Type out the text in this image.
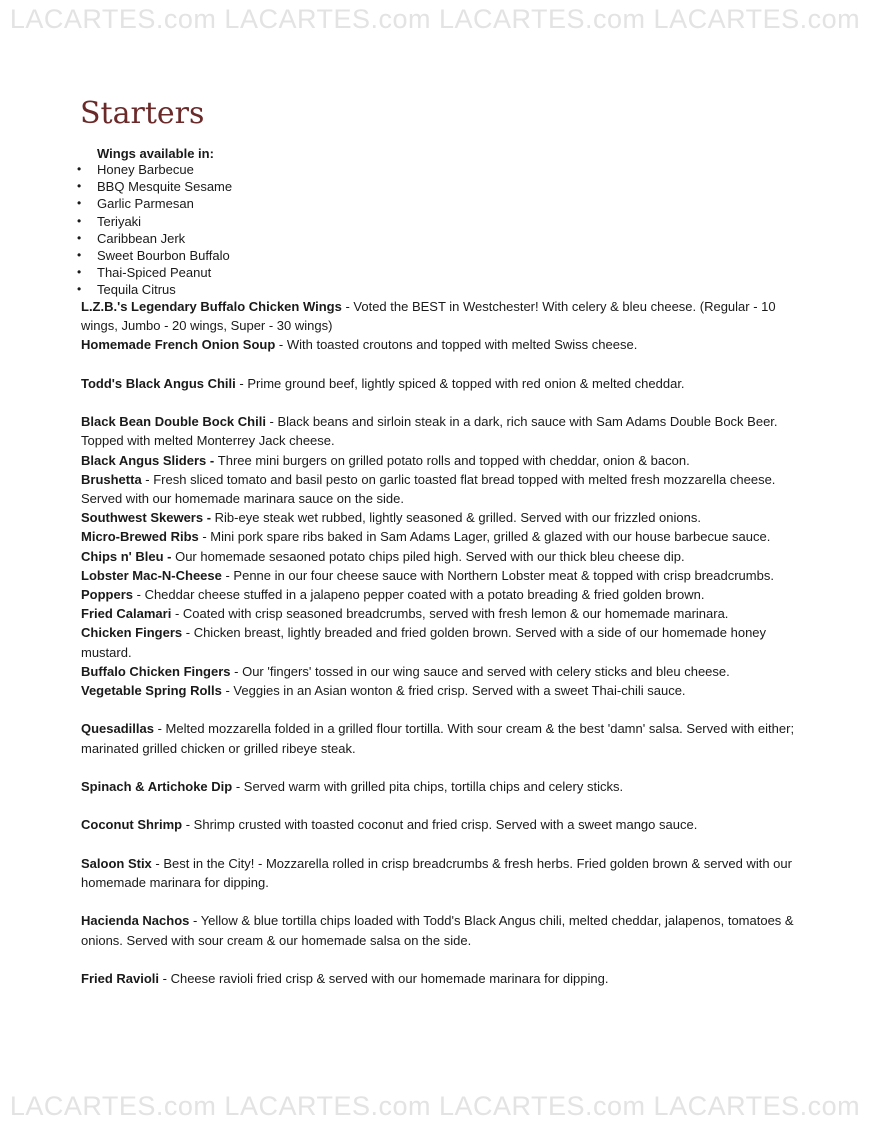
LACARTES.com LACARTES.com LACARTES.com LACARTES.com
Starters
Wings available in:
• Honey Barbecue
• BBQ Mesquite Sesame
• Garlic Parmesan
• Teriyaki
• Caribbean Jerk
• Sweet Bourbon Buffalo
• Thai-Spiced Peanut
• Tequila Citrus

L.Z.B.'s Legendary Buffalo Chicken Wings - Voted the BEST in Westchester! With celery & bleu cheese. (Regular - 10 wings, Jumbo - 20 wings, Super - 30 wings)

Homemade French Onion Soup - With toasted croutons and topped with melted Swiss cheese.

Todd's Black Angus Chili - Prime ground beef, lightly spiced & topped with red onion & melted cheddar.

Black Bean Double Bock Chili - Black beans and sirloin steak in a dark, rich sauce with Sam Adams Double Bock Beer. Topped with melted Monterrey Jack cheese.

Black Angus Sliders - Three mini burgers on grilled potato rolls and topped with cheddar, onion & bacon.

Brushetta - Fresh sliced tomato and basil pesto on garlic toasted flat bread topped with melted fresh mozzarella cheese. Served with our homemade marinara sauce on the side.

Southwest Skewers - Rib-eye steak wet rubbed, lightly seasoned & grilled. Served with our frizzled onions.

Micro-Brewed Ribs - Mini pork spare ribs baked in Sam Adams Lager, grilled & glazed with our house barbecue sauce.

Chips n' Bleu - Our homemade sesaoned potato chips piled high. Served with our thick bleu cheese dip.

Lobster Mac-N-Cheese - Penne in our four cheese sauce with Northern Lobster meat & topped with crisp breadcrumbs.

Poppers - Cheddar cheese stuffed in a jalapeno pepper coated with a potato breading & fried golden brown.

Fried Calamari - Coated with crisp seasoned breadcrumbs, served with fresh lemon & our homemade marinara.

Chicken Fingers - Chicken breast, lightly breaded and fried golden brown. Served with a side of our homemade honey mustard.

Buffalo Chicken Fingers - Our 'fingers' tossed in our wing sauce and served with celery sticks and bleu cheese.

Vegetable Spring Rolls - Veggies in an Asian wonton & fried crisp. Served with a sweet Thai-chili sauce.

Quesadillas - Melted mozzarella folded in a grilled flour tortilla. With sour cream & the best 'damn' salsa. Served with either; marinated grilled chicken or grilled ribeye steak.

Spinach & Artichoke Dip - Served warm with grilled pita chips, tortilla chips and celery sticks.

Coconut Shrimp - Shrimp crusted with toasted coconut and fried crisp. Served with a sweet mango sauce.

Saloon Stix - Best in the City! - Mozzarella rolled in crisp breadcrumbs & fresh herbs. Fried golden brown & served with our homemade marinara for dipping.

Hacienda Nachos - Yellow & blue tortilla chips loaded with Todd's Black Angus chili, melted cheddar, jalapenos, tomatoes & onions. Served with sour cream & our homemade salsa on the side.

Fried Ravioli - Cheese ravioli fried crisp & served with our homemade marinara for dipping.

LACARTES.com LACARTES.com LACARTES.com LACARTES.com
